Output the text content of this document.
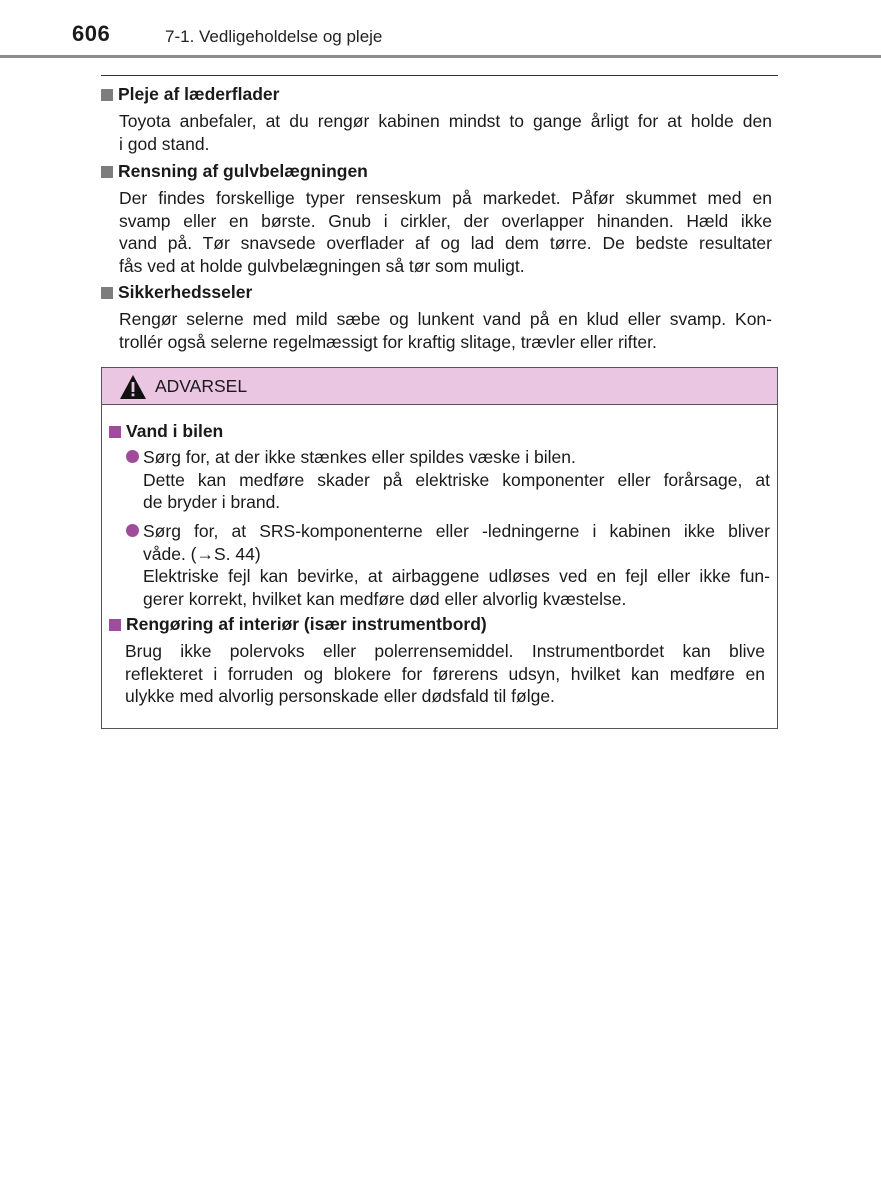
606	7-1. Vedligeholdelse og pleje
Pleje af læderflader
Toyota anbefaler, at du rengør kabinen mindst to gange årligt for at holde den
i god stand.
Rensning af gulvbelægningen
Der findes forskellige typer renseskum på markedet. Påfør skummet med en
svamp eller en børste. Gnub i cirkler, der overlapper hinanden. Hæld ikke
vand på. Tør snavsede overflader af og lad dem tørre. De bedste resultater
fås ved at holde gulvbelægningen så tør som muligt.
Sikkerhedsseler
Rengør selerne med mild sæbe og lunkent vand på en klud eller svamp. Kon-
trollér også selerne regelmæssigt for kraftig slitage, trævler eller rifter.
ADVARSEL
Vand i bilen
Sørg for, at der ikke stænkes eller spildes væske i bilen.
Dette kan medføre skader på elektriske komponenter eller forårsage, at
de bryder i brand.
Sørg for, at SRS-komponenterne eller -ledningerne i kabinen ikke bliver
våde. (→S. 44)
Elektriske fejl kan bevirke, at airbaggene udløses ved en fejl eller ikke fun-
gerer korrekt, hvilket kan medføre død eller alvorlig kvæstelse.
Rengøring af interiør (især instrumentbord)
Brug ikke polervoks eller polerrensemiddel. Instrumentbordet kan blive
reflekteret i forruden og blokere for førerens udsyn, hvilket kan medføre en
ulykke med alvorlig personskade eller dødsfald til følge.
